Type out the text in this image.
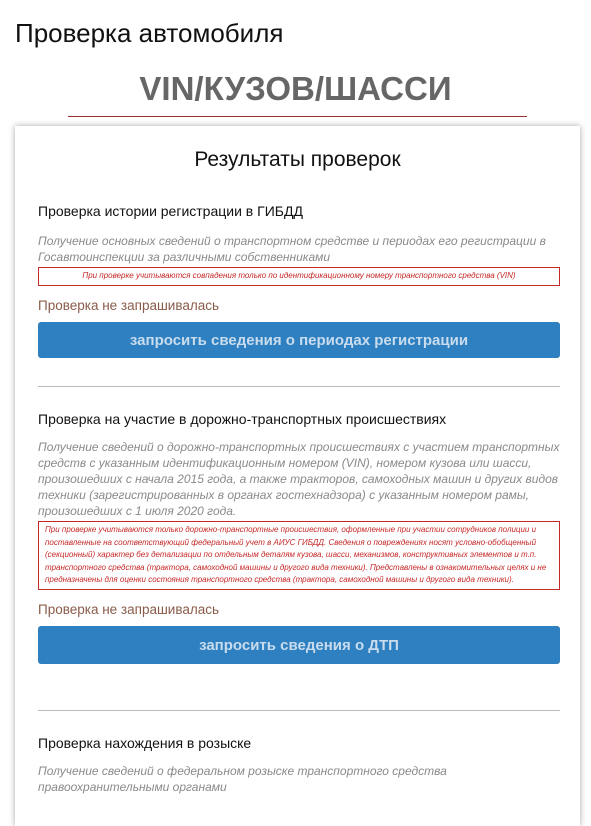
Проверка автомобиля
VIN/КУЗОВ/ШАССИ
Результаты проверок
Проверка истории регистрации в ГИБДД
Получение основных сведений о транспортном средстве и периодах его регистрации в Госавтоинспекции за различными собственниками
При проверке учитываются совпадения только по идентификационному номеру транспортного средства (VIN)
Проверка не запрашивалась
запросить сведения о периодах регистрации
Проверка на участие в дорожно-транспортных происшествиях
Получение сведений о дорожно-транспортных происшествиях с участием транспортных средств с указанным идентификационным номером (VIN), номером кузова или шасси, произошедших с начала 2015 года, а также тракторов, самоходных машин и других видов техники (зарегистрированных в органах гостехнадзора) с указанным номером рамы, произошедших с 1 июля 2020 года.
При проверке учитываются только дорожно-транспортные происшествия, оформленные при участии сотрудников полиции и поставленные на соответствующий федеральный учет в АИУС ГИБДД. Сведения о повреждениях носят условно-обобщенный (секционный) характер без детализации по отдельным деталям кузова, шасси, механизмов, конструктивных элементов и т.п. транспортного средства (трактора, самоходной машины и другого вида техники). Представлены в ознакомительных целях и не предназначены для оценки состояния транспортного средства (трактора, самоходной машины и другого вида техники).
Проверка не запрашивалась
запросить сведения о ДТП
Проверка нахождения в розыске
Получение сведений о федеральном розыске транспортного средства правоохранительными органами
